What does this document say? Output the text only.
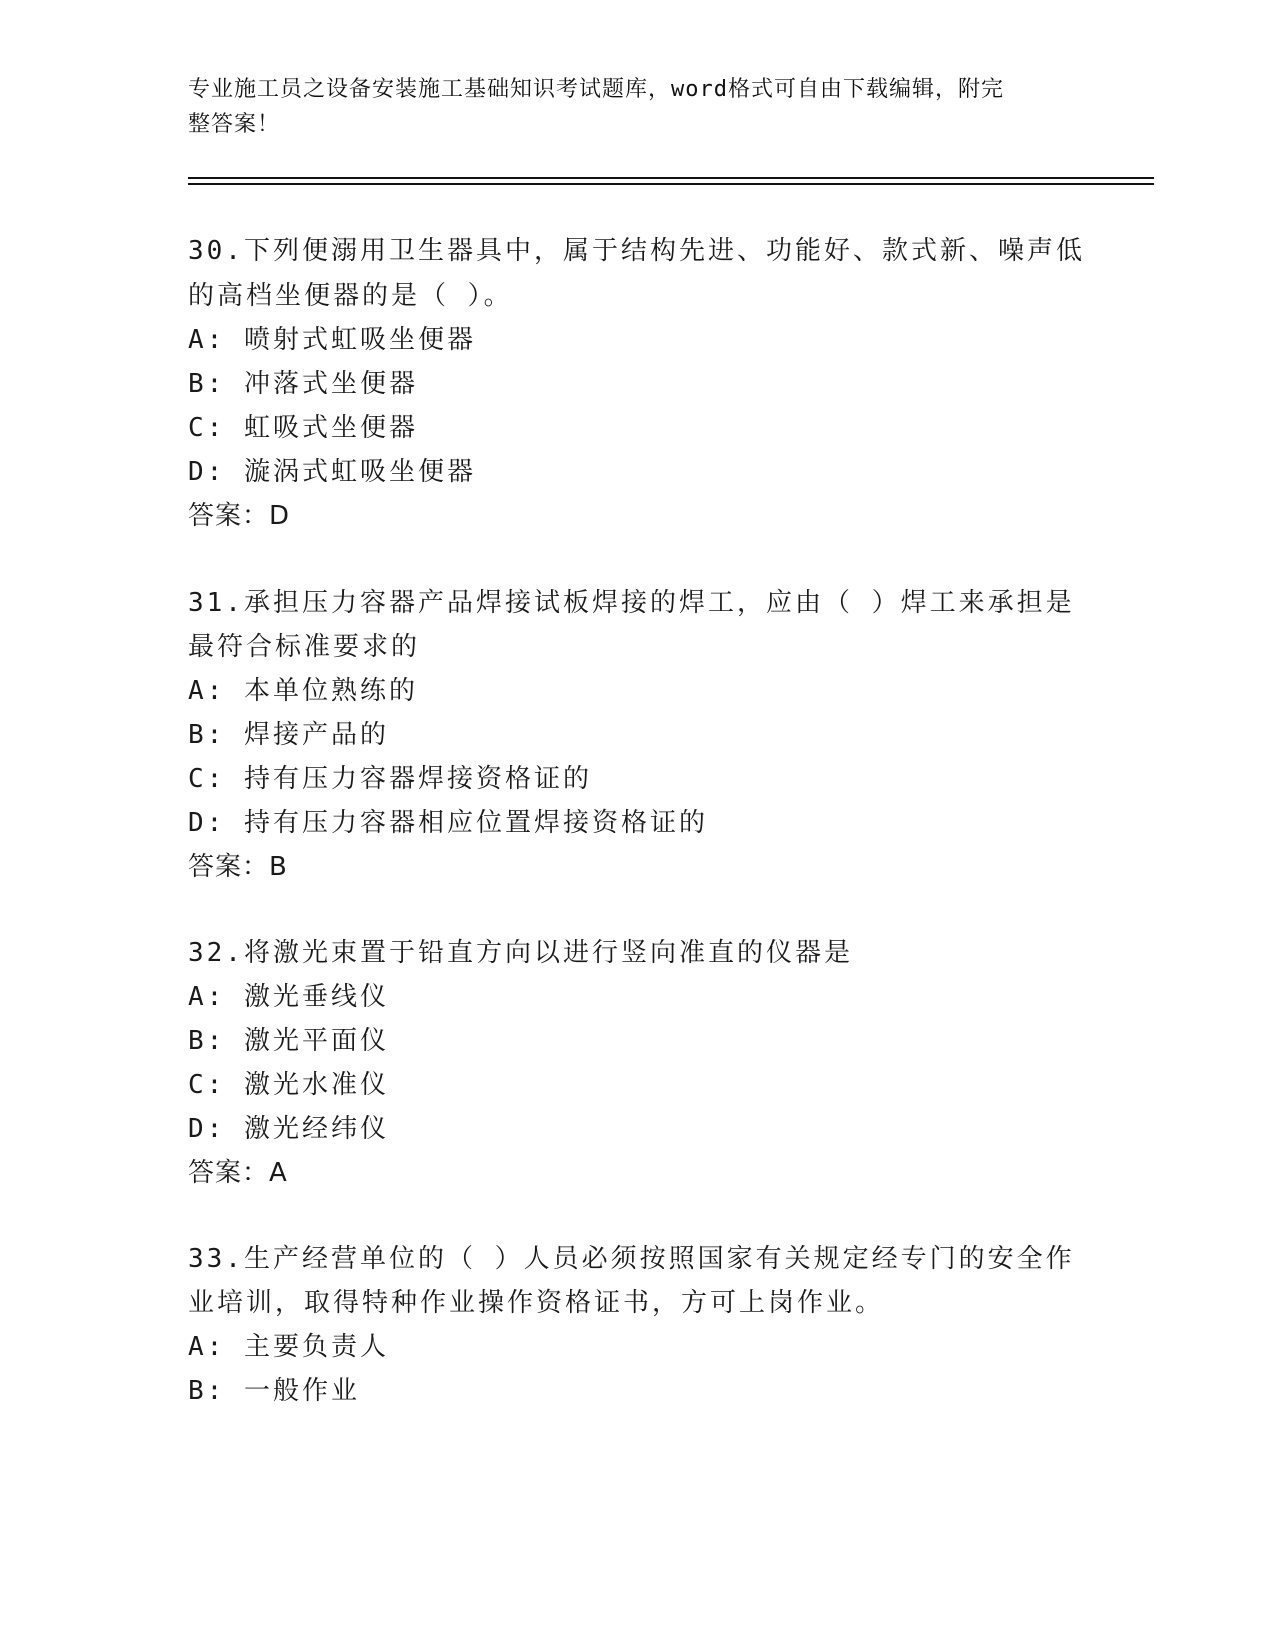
专业施工员之设备安装施工基础知识考试题库，word格式可自由下载编辑，附完
整答案！
30.下列便溺用卫生器具中，属于结构先进、功能好、款式新、噪声低
的高档坐便器的是（ ）。
A: 喷射式虹吸坐便器
B: 冲落式坐便器
C: 虹吸式坐便器
D: 漩涡式虹吸坐便器
答案：D
31.承担压力容器产品焊接试板焊接的焊工，应由（ ）焊工来承担是
最符合标准要求的
A: 本单位熟练的
B: 焊接产品的
C: 持有压力容器焊接资格证的
D: 持有压力容器相应位置焊接资格证的
答案：B
32.将激光束置于铅直方向以进行竖向准直的仪器是
A: 激光垂线仪
B: 激光平面仪
C: 激光水准仪
D: 激光经纬仪
答案：A
33.生产经营单位的（ ）人员必须按照国家有关规定经专门的安全作
业培训，取得特种作业操作资格证书，方可上岗作业。
A: 主要负责人
B: 一般作业
